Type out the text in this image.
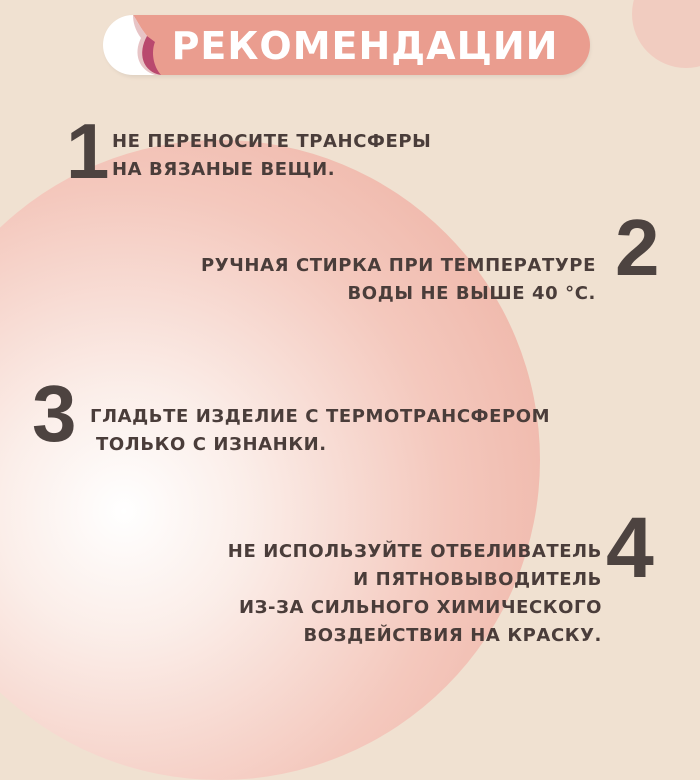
РЕКОМЕНДАЦИИ
1 НЕ ПЕРЕНОСИТЕ ТРАНСФЕРЫ
НА ВЯЗАНЫЕ ВЕЩИ.
2
РУЧНАЯ СТИРКА ПРИ ТЕМПЕРАТУРЕ
ВОДЫ НЕ ВЫШЕ 40 °С.
3 ГЛАДЬТЕ ИЗДЕЛИЕ С ТЕРМОТРАНСФЕРОМ
ТОЛЬКО С ИЗНАНКИ.
4
НЕ ИСПОЛЬЗУЙТЕ ОТБЕЛИВАТЕЛЬ
И ПЯТНОВЫВОДИТЕЛЬ
ИЗ-ЗА СИЛЬНОГО ХИМИЧЕСКОГО
ВОЗДЕЙСТВИЯ НА КРАСКУ.
